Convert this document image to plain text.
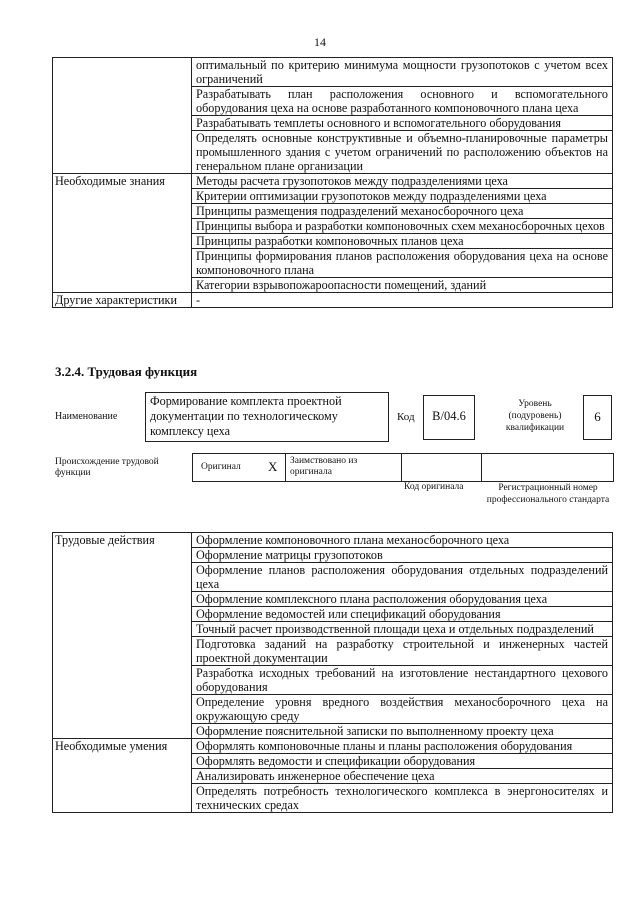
14
	оптимальный по критерию минимума мощности грузопотоков с учетом всех ограничений
	Разрабатывать план расположения основного и вспомогательного оборудования цеха на основе разработанного компоновочного плана цеха
	Разрабатывать темплеты основного и вспомогательного оборудования
	Определять основные конструктивные и объемно-планировочные параметры промышленного здания с учетом ограничений по расположению объектов на генеральном плане организации
Необходимые знания	Методы расчета грузопотоков между подразделениями цеха
	Критерии оптимизации грузопотоков между подразделениями цеха
	Принципы размещения подразделений механосборочного цеха
	Принципы выбора и разработки компоновочных схем механосборочных цехов
	Принципы разработки компоновочных планов цеха
	Принципы формирования планов расположения оборудования цеха на основе компоновочного плана
	Категории взрывопожароопасности помещений, зданий
Другие характеристики	-
3.2.4. Трудовая функция
Наименование
Формирование комплекта проектной документации по технологическому комплексу цеха
Код	В/04.6
Уровень (подуровень) квалификации
6
Происхождение трудовой функции
Оригинал X Заимствовано из оригинала
Код оригинала	Регистрационный номер профессионального стандарта
Трудовые действия	Оформление компоновочного плана механосборочного цеха
	Оформление матрицы грузопотоков
	Оформление планов расположения оборудования отдельных подразделений цеха
	Оформление комплексного плана расположения оборудования цеха
	Оформление ведомостей или спецификаций оборудования
	Точный расчет производственной площади цеха и отдельных подразделений
	Подготовка заданий на разработку строительной и инженерных частей проектной документации
	Разработка исходных требований на изготовление нестандартного цехового оборудования
	Определение уровня вредного воздействия механосборочного цеха на окружающую среду
	Оформление пояснительной записки по выполненному проекту цеха
Необходимые умения	Оформлять компоновочные планы и планы расположения оборудования
	Оформлять ведомости и спецификации оборудования
	Анализировать инженерное обеспечение цеха
	Определять потребность технологического комплекса в энергоносителях и технических средах
